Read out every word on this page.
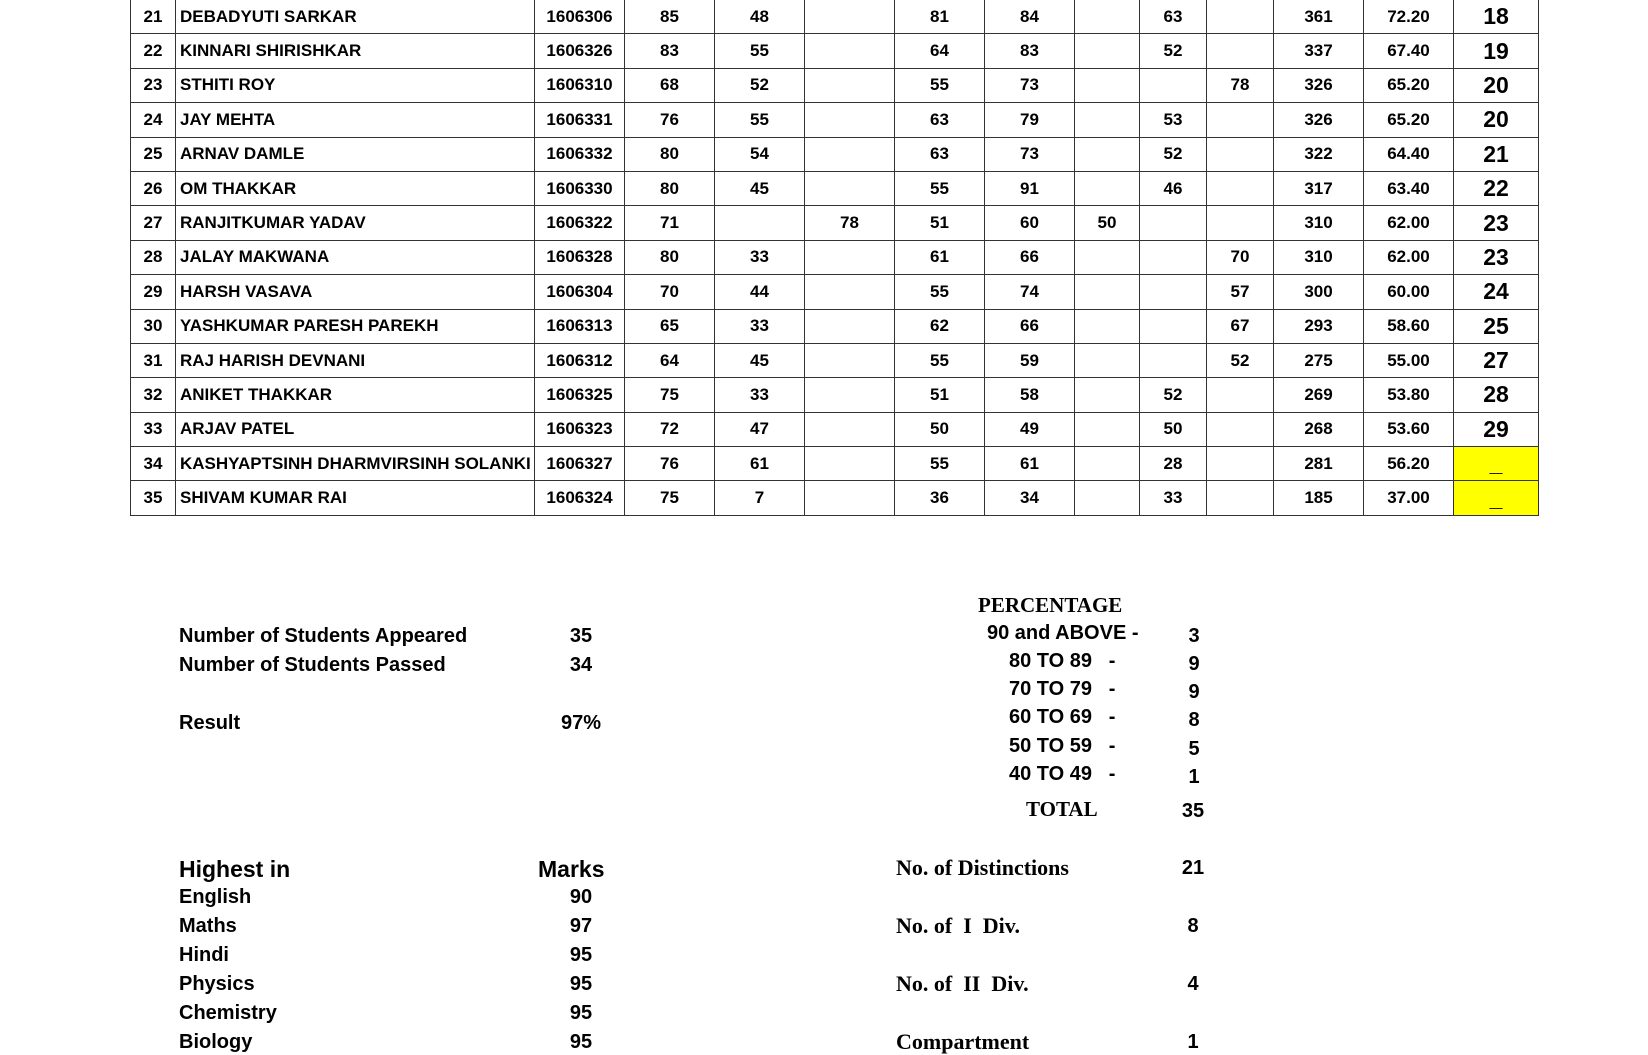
21	DEBADYUTI SARKAR	1606306	85	48		81	84		63		361	72.20	18
22	KINNARI SHIRISHKAR	1606326	83	55		64	83		52		337	67.40	19
23	STHITI ROY	1606310	68	52		55	73			78	326	65.20	20
24	JAY MEHTA	1606331	76	55		63	79		53		326	65.20	20
25	ARNAV DAMLE	1606332	80	54		63	73		52		322	64.40	21
26	OM THAKKAR	1606330	80	45		55	91		46		317	63.40	22
27	RANJITKUMAR YADAV	1606322	71		78	51	60	50			310	62.00	23
28	JALAY MAKWANA	1606328	80	33		61	66			70	310	62.00	23
29	HARSH VASAVA	1606304	70	44		55	74			57	300	60.00	24
30	YASHKUMAR PARESH PAREKH	1606313	65	33		62	66			67	293	58.60	25
31	RAJ HARISH DEVNANI	1606312	64	45		55	59			52	275	55.00	27
32	ANIKET THAKKAR	1606325	75	33		51	58		52		269	53.80	28
33	ARJAV PATEL	1606323	72	47		50	49		50		268	53.60	29
34	KASHYAPTSINH DHARMVIRSINH SOLANKI	1606327	76	61		55	61		28		281	56.20	_
35	SHIVAM KUMAR RAI	1606324	75	7		36	34		33		185	37.00	_
Number of Students Appeared	35
Number of Students Passed	34
Result	97%
PERCENTAGE
90 and ABOVE -	3
80 TO 89   -	9
70 TO 79   -	9
60 TO 69   -	8
50 TO 59   -	5
40 TO 49   -	1
TOTAL	35
Highest in	Marks
English	90
Maths	97
Hindi	95
Physics	95
Chemistry	95
Biology	95
No. of Distinctions	21
No. of  I  Div.	8
No. of  II  Div.	4
Compartment	1
